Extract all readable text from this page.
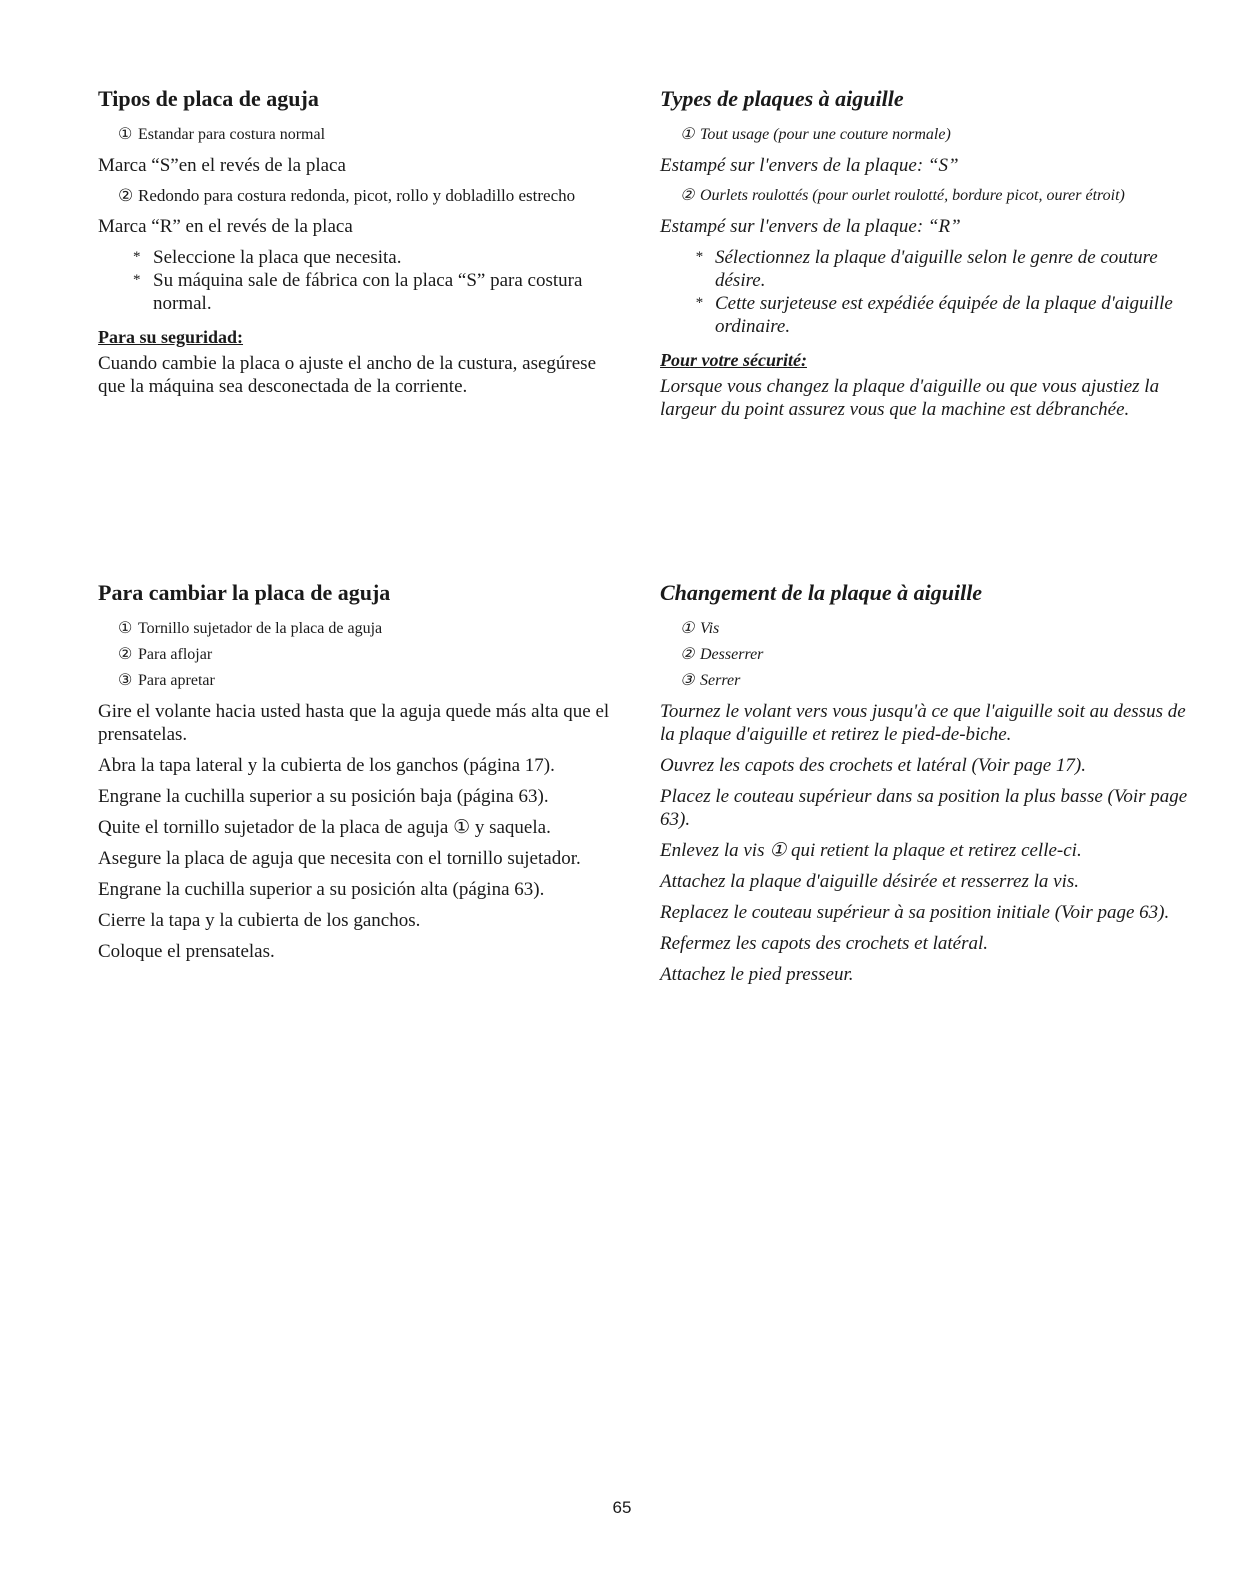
Tipos de placa de aguja
① Estandar para costura normal

Marca “S”en el revés de la placa

② Redondo para costura redonda, picot, rollo y dobladillo estrecho

Marca “R” en el revés de la placa

* Seleccione la placa que necesita.

* Su máquina sale de fábrica con la placa “S” para costura normal.

Para su seguridad:

Cuando cambie la placa o ajuste el ancho de la custura, asegúrese que la máquina sea desconectada de la corriente.

Types de plaques à aiguille
① Tout usage (pour une couture normale)

Estampé sur l'envers de la plaque: “S”

② Ourlets roulottés (pour ourlet roulotté, bordure picot, ourer étroit)

Estampé sur l'envers de la plaque: “R”

* Sélectionnez la plaque d'aiguille selon le genre de couture désire.

* Cette surjeteuse est expédiée équipée de la plaque d'aiguille ordinaire.

Pour votre sécurité:

Lorsque vous changez la plaque d'aiguille ou que vous ajustiez la largeur du point assurez vous que la machine est débranchée.

Para cambiar la placa de aguja
① Tornillo sujetador de la placa de aguja
② Para aflojar
③ Para apretar

Gire el volante hacia usted hasta que la aguja quede más alta que el prensatelas.

Abra la tapa lateral y la cubierta de los ganchos (página 17).

Engrane la cuchilla superior a su posición baja (página 63).

Quite el tornillo sujetador de la placa de aguja ① y saquela.

Asegure la placa de aguja que necesita con el tornillo sujetador.

Engrane la cuchilla superior a su posición alta (página 63).

Cierre la tapa y la cubierta de los ganchos.

Coloque el prensatelas.

Changement de la plaque à aiguille
① Vis
② Desserrer
③ Serrer

Tournez le volant vers vous jusqu'à ce que l'aiguille soit au dessus de la plaque d'aiguille et retirez le pied-de-biche.

Ouvrez les capots des crochets et latéral (Voir page 17).

Placez le couteau supérieur dans sa position la plus basse (Voir page 63).

Enlevez la vis ① qui retient la plaque et retirez celle-ci.

Attachez la plaque d'aiguille désirée et resserrez la vis.

Replacez le couteau supérieur à sa position initiale (Voir page 63).

Refermez les capots des crochets et latéral.

Attachez le pied presseur.

65
